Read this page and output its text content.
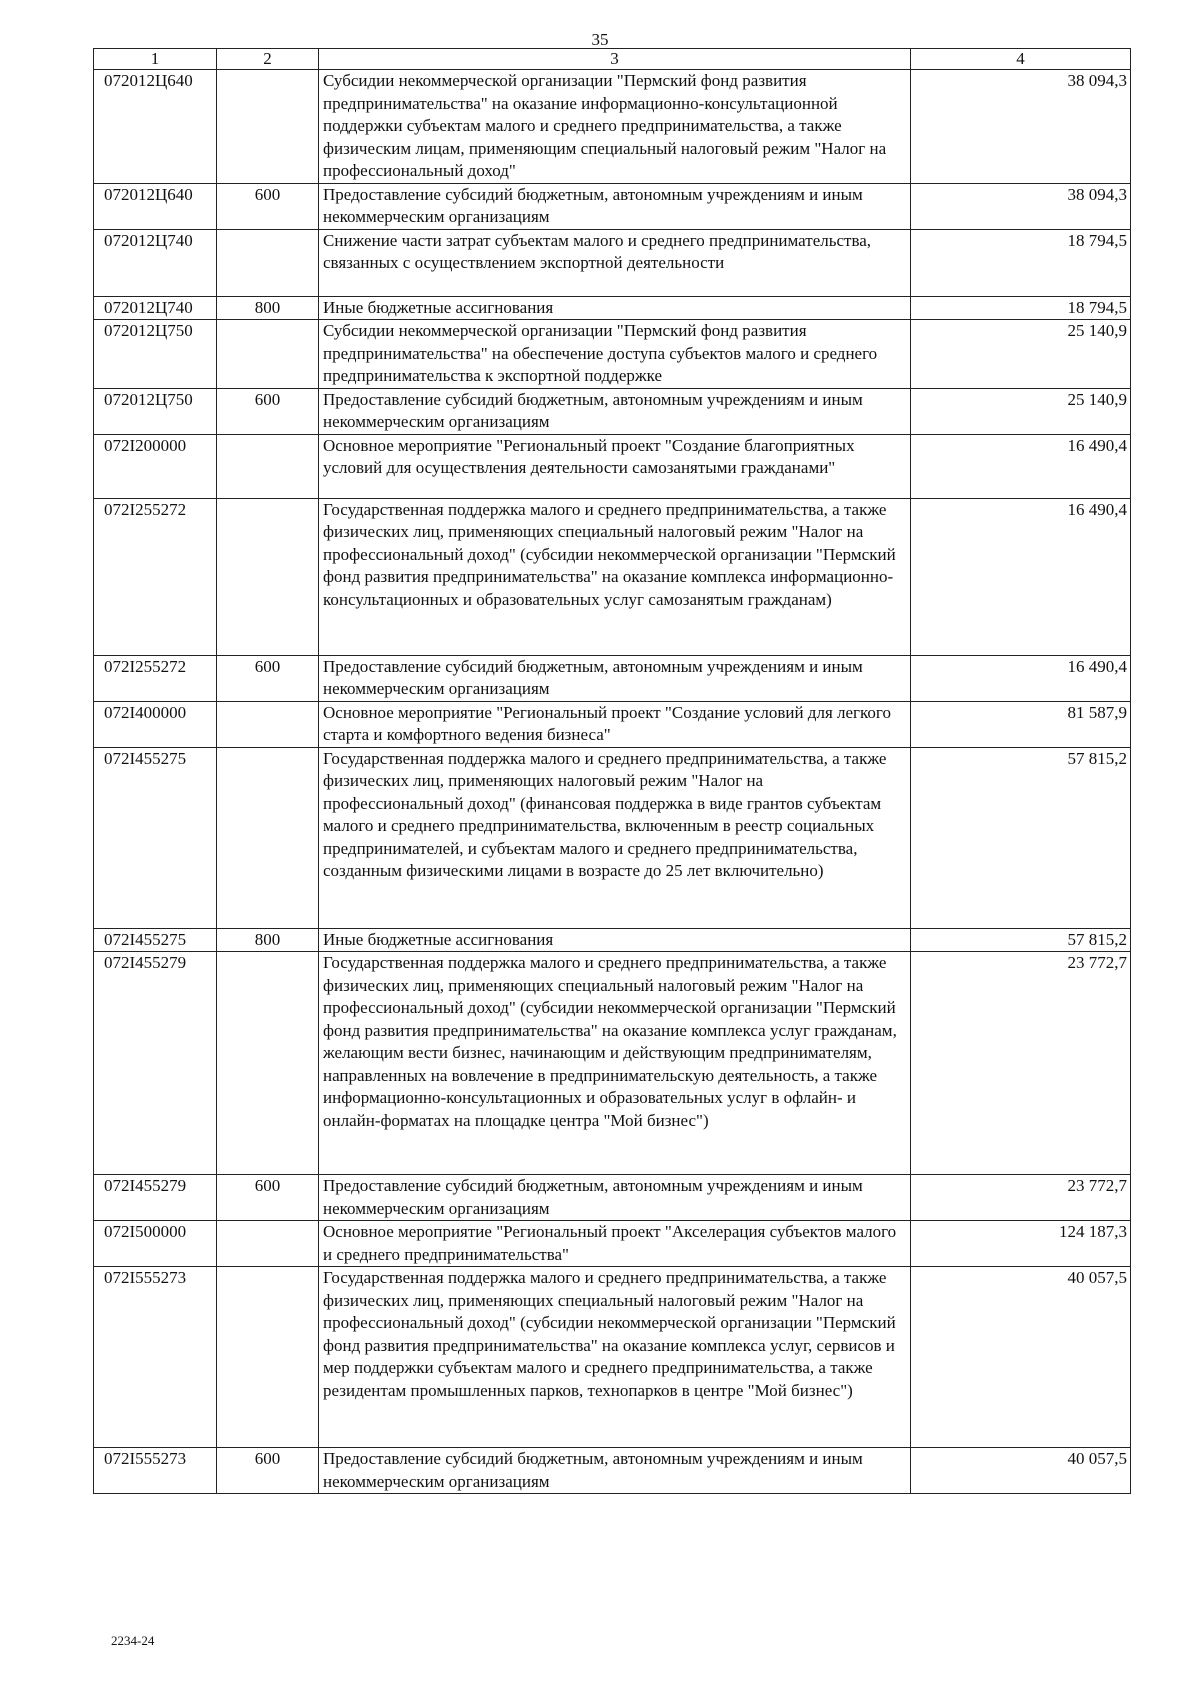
35
1	2	3	4
072012Ц640		Субсидии некоммерческой организации "Пермский фонд развития предпринимательства" на оказание информационно-консультационной поддержки субъектам малого и среднего предпринимательства, а также физическим лицам, применяющим специальный налоговый режим "Налог на профессиональный доход"	38 094,3
072012Ц640	600	Предоставление субсидий бюджетным, автономным учреждениям и иным некоммерческим организациям	38 094,3
072012Ц740		Снижение части затрат субъектам малого и среднего предпринимательства, связанных с осуществлением экспортной деятельности	18 794,5
072012Ц740	800	Иные бюджетные ассигнования	18 794,5
072012Ц750		Субсидии некоммерческой организации "Пермский фонд развития предпринимательства" на обеспечение доступа субъектов малого и среднего предпринимательства к экспортной поддержке	25 140,9
072012Ц750	600	Предоставление субсидий бюджетным, автономным учреждениям и иным некоммерческим организациям	25 140,9
072I200000		Основное мероприятие "Региональный проект "Создание благоприятных условий для осуществления деятельности самозанятыми гражданами"	16 490,4
072I255272		Государственная поддержка малого и среднего предпринимательства, а также физических лиц, применяющих специальный налоговый режим "Налог на профессиональный доход" (субсидии некоммерческой организации "Пермский фонд развития предпринимательства" на оказание комплекса информационно-консультационных и образовательных услуг самозанятым гражданам)	16 490,4
072I255272	600	Предоставление субсидий бюджетным, автономным учреждениям и иным некоммерческим организациям	16 490,4
072I400000		Основное мероприятие "Региональный проект "Создание условий для легкого старта и комфортного ведения бизнеса"	81 587,9
072I455275		Государственная поддержка малого и среднего предпринимательства, а также физических лиц, применяющих налоговый режим "Налог на профессиональный доход" (финансовая поддержка в виде грантов субъектам малого и среднего предпринимательства, включенным в реестр социальных предпринимателей, и субъектам малого и среднего предпринимательства, созданным физическими лицами в возрасте до 25 лет включительно)	57 815,2
072I455275	800	Иные бюджетные ассигнования	57 815,2
072I455279		Государственная поддержка малого и среднего предпринимательства, а также физических лиц, применяющих специальный налоговый режим "Налог на профессиональный доход" (субсидии некоммерческой организации "Пермский фонд развития предпринимательства" на оказание комплекса услуг гражданам, желающим вести бизнес, начинающим и действующим предпринимателям, направленных на вовлечение в предпринимательскую деятельность, а также информационно-консультационных и образовательных услуг в офлайн- и онлайн-форматах на площадке центра "Мой бизнес")	23 772,7
072I455279	600	Предоставление субсидий бюджетным, автономным учреждениям и иным некоммерческим организациям	23 772,7
072I500000		Основное мероприятие "Региональный проект "Акселерация субъектов малого и среднего предпринимательства"	124 187,3
072I555273		Государственная поддержка малого и среднего предпринимательства, а также физических лиц, применяющих специальный налоговый режим "Налог на профессиональный доход" (субсидии некоммерческой организации "Пермский фонд развития предпринимательства" на оказание комплекса услуг, сервисов и мер поддержки субъектам малого и среднего предпринимательства, а также резидентам промышленных парков, технопарков в центре "Мой бизнес")	40 057,5
072I555273	600	Предоставление субсидий бюджетным, автономным учреждениям и иным некоммерческим организациям	40 057,5
2234-24
